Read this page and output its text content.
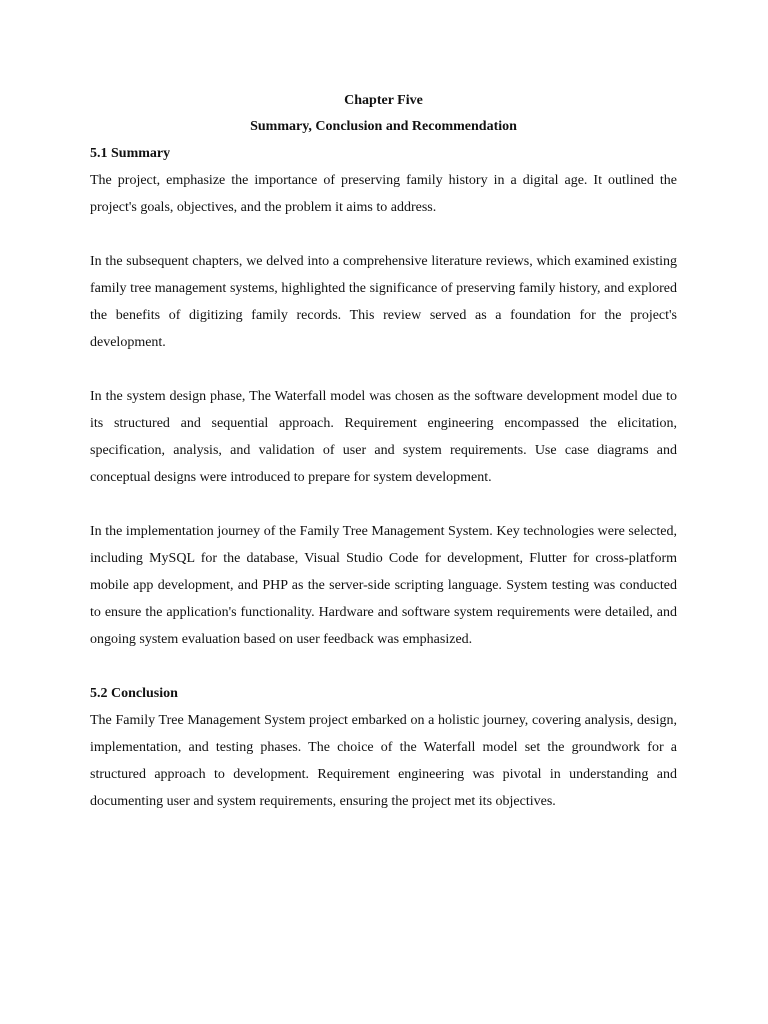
Chapter Five

Summary, Conclusion and Recommendation

5.1 Summary

The project, emphasize the importance of preserving family history in a digital age. It outlined the project's goals, objectives, and the problem it aims to address.

In the subsequent chapters, we delved into a comprehensive literature reviews, which examined existing family tree management systems, highlighted the significance of preserving family history, and explored the benefits of digitizing family records. This review served as a foundation for the project's development.

In the system design phase, The Waterfall model was chosen as the software development model due to its structured and sequential approach. Requirement engineering encompassed the elicitation, specification, analysis, and validation of user and system requirements. Use case diagrams and conceptual designs were introduced to prepare for system development.

In the implementation journey of the Family Tree Management System. Key technologies were selected, including MySQL for the database, Visual Studio Code for development, Flutter for cross-platform mobile app development, and PHP as the server-side scripting language. System testing was conducted to ensure the application's functionality. Hardware and software system requirements were detailed, and ongoing system evaluation based on user feedback was emphasized.

5.2 Conclusion

The Family Tree Management System project embarked on a holistic journey, covering analysis, design, implementation, and testing phases. The choice of the Waterfall model set the groundwork for a structured approach to development. Requirement engineering was pivotal in understanding and documenting user and system requirements, ensuring the project met its objectives.
